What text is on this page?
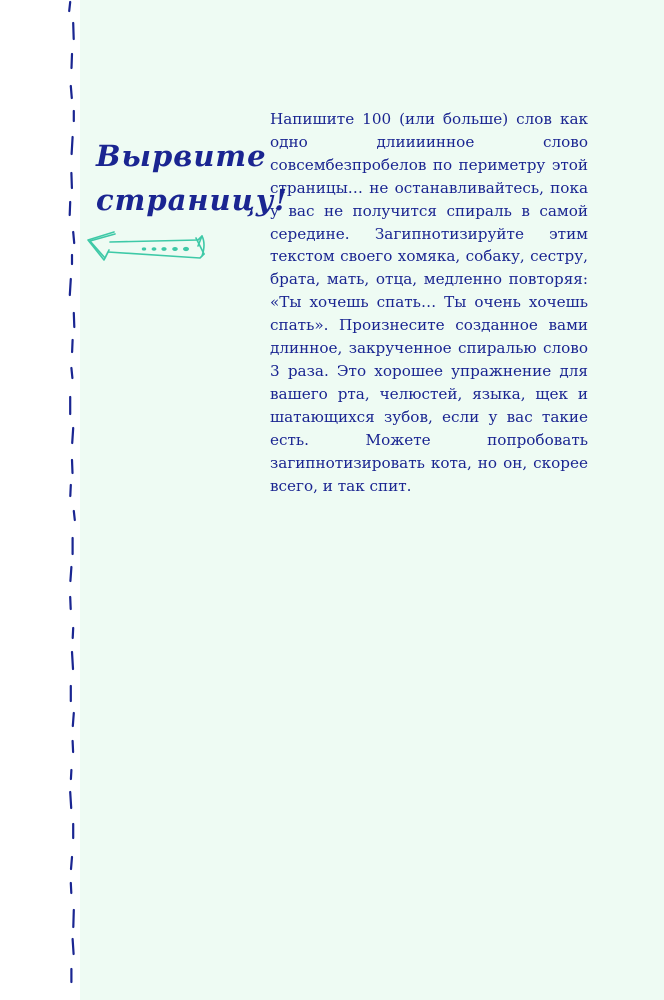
Вырвите
страницу!

Напишите 100 (или больше) слов как одно длиииинное слово совсембезпробелов по периметру этой страницы… не останавливайтесь, пока у вас не получится спираль в самой середине. Загипнотизируйте этим текстом своего хомяка, собаку, сестру, брата, мать, отца, медленно повторяя: «Ты хочешь спать… Ты очень хочешь спать». Произнесите созданное вами длинное, закрученное спиралью слово 3 раза. Это хорошее упражнение для вашего рта, челюстей, языка, щек и шатающихся зубов, если у вас такие есть. Можете попробовать загипнотизировать кота, но он, скорее всего, и так спит.
